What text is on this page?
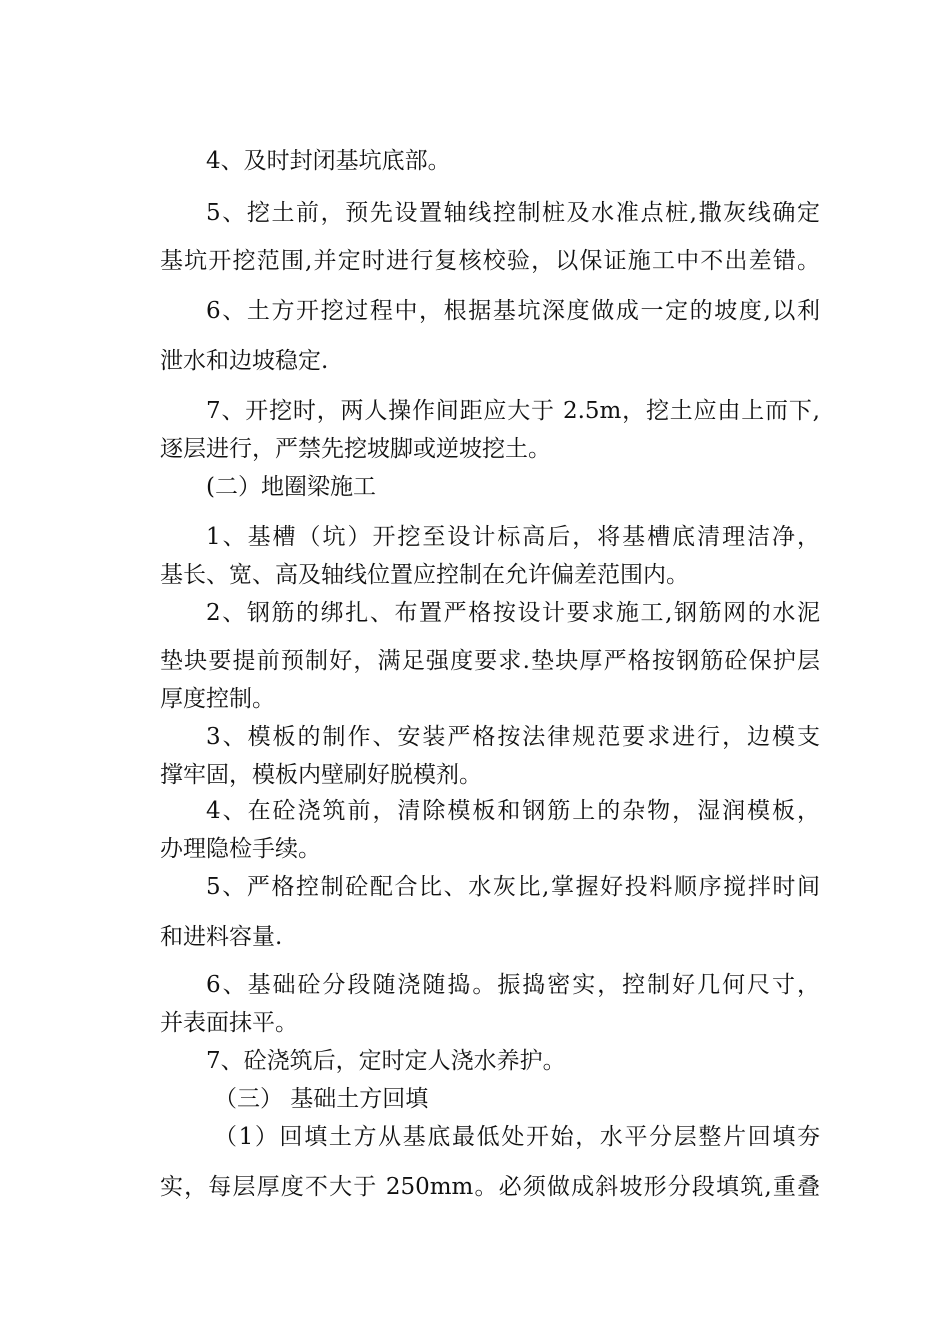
4、及时封闭基坑底部。
5、挖土前，预先设置轴线控制桩及水准点桩,撒灰线确定
基坑开挖范围,并定时进行复核校验，以保证施工中不出差错。
6、土方开挖过程中，根据基坑深度做成一定的坡度,以利
泄水和边坡稳定.
7、开挖时，两人操作间距应大于 2.5m，挖土应由上而下,
逐层进行，严禁先挖坡脚或逆坡挖土。
(二）地圈梁施工
1、基槽（坑）开挖至设计标高后，将基槽底清理洁净，
基长、宽、高及轴线位置应控制在允许偏差范围内。
2、钢筋的绑扎、布置严格按设计要求施工,钢筋网的水泥
垫块要提前预制好，满足强度要求.垫块厚严格按钢筋砼保护层
厚度控制。
3、模板的制作、安装严格按法律规范要求进行，边模支
撑牢固，模板内壁刷好脱模剂。
4、在砼浇筑前，清除模板和钢筋上的杂物，湿润模板，
办理隐检手续。
5、严格控制砼配合比、水灰比,掌握好投料顺序搅拌时间
和进料容量.
6、基础砼分段随浇随捣。振捣密实，控制好几何尺寸，
并表面抹平。
7、砼浇筑后，定时定人浇水养护。
（三） 基础土方回填
（1）回填土方从基底最低处开始，水平分层整片回填夯
实，每层厚度不大于 250mm。必须做成斜坡形分段填筑,重叠
